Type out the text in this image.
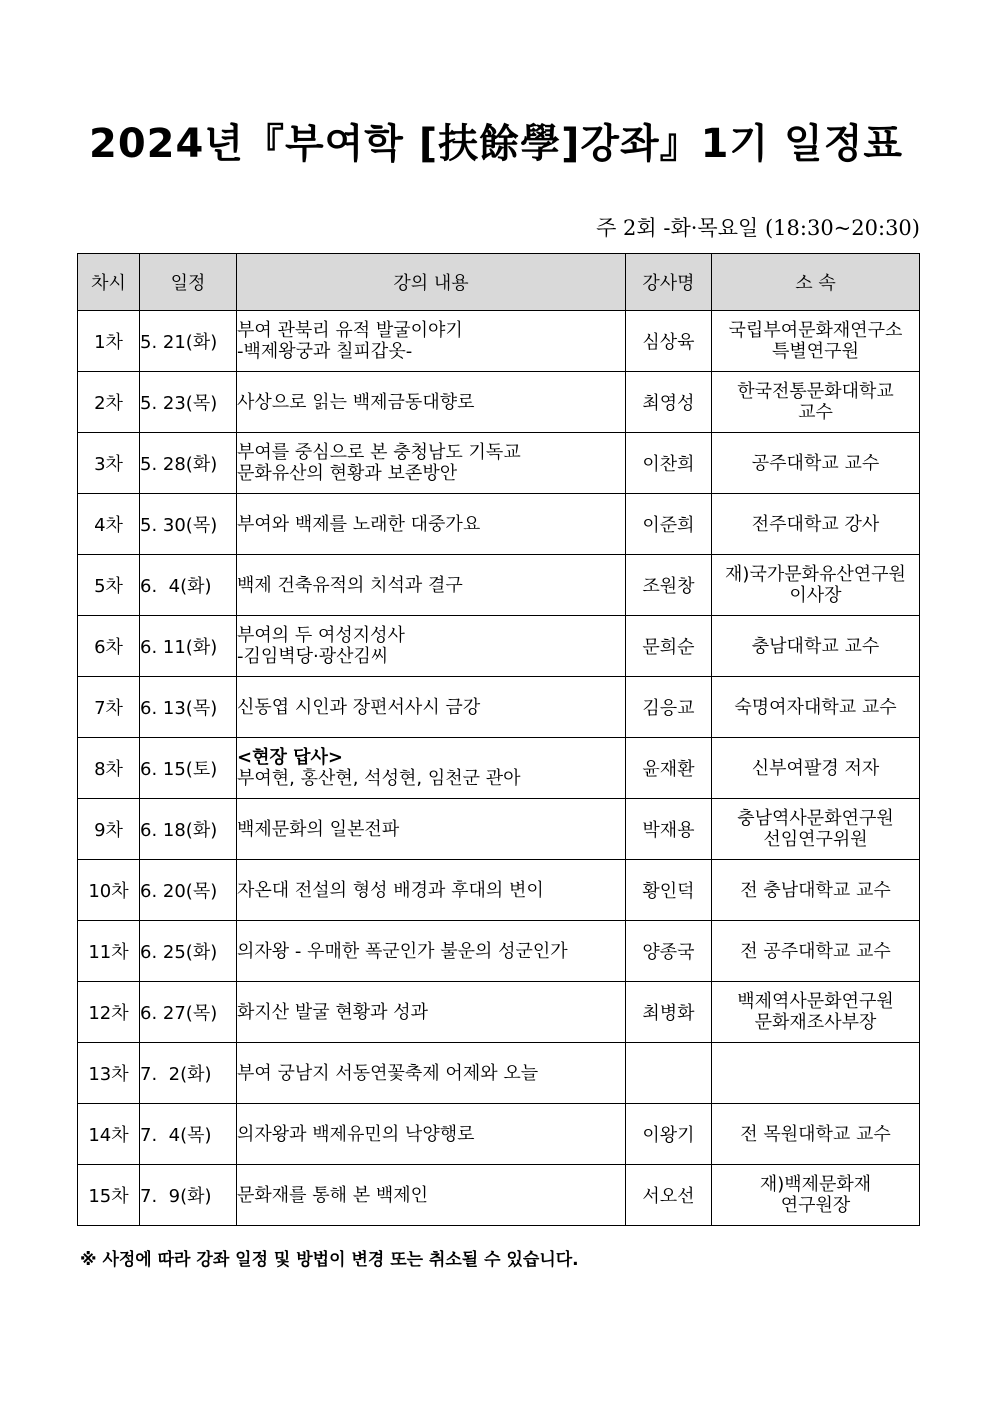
2024년『부여학 [扶餘學]강좌』1기 일정표
주 2회 -화·목요일 (18:30~20:30)
차시	일정	강의 내용	강사명	소 속
1차	5. 21(화)	부여 관북리 유적 발굴이야기
-백제왕궁과 칠피갑옷-	심상육	국립부여문화재연구소
특별연구원

2차	5. 23(목)	사상으로 읽는 백제금동대향로	최영성	한국전통문화대학교
교수

3차	5. 28(화)	부여를 중심으로 본 충청남도 기독교
문화유산의 현황과 보존방안	이찬희	공주대학교 교수

4차	5. 30(목)	부여와 백제를 노래한 대중가요	이준희	전주대학교 강사

5차	6.  4(화)	백제 건축유적의 치석과 결구	조원창	재)국가문화유산연구원
이사장

6차	6. 11(화)	부여의 두 여성지성사
-김임벽당·광산김씨	문희순	충남대학교 교수

7차	6. 13(목)	신동엽 시인과 장편서사시 금강	김응교	숙명여자대학교 교수

8차	6. 15(토)	<현장 답사>
부여현, 홍산현, 석성현, 임천군 관아	윤재환	신부여팔경 저자

9차	6. 18(화)	백제문화의 일본전파	박재용	충남역사문화연구원
선임연구위원

10차	6. 20(목)	자온대 전설의 형성 배경과 후대의 변이	황인덕	전 충남대학교 교수

11차	6. 25(화)	의자왕 - 우매한 폭군인가 불운의 성군인가	양종국	전 공주대학교 교수

12차	6. 27(목)	화지산 발굴 현황과 성과	최병화	백제역사문화연구원
문화재조사부장

13차	7.  2(화)	부여 궁남지 서동연꽃축제 어제와 오늘		

14차	7.  4(목)	의자왕과 백제유민의 낙양행로	이왕기	전 목원대학교 교수

15차	7.  9(화)	문화재를 통해 본 백제인	서오선	재)백제문화재
연구원장
※ 사정에 따라 강좌 일정 및 방법이 변경 또는 취소될 수 있습니다.
